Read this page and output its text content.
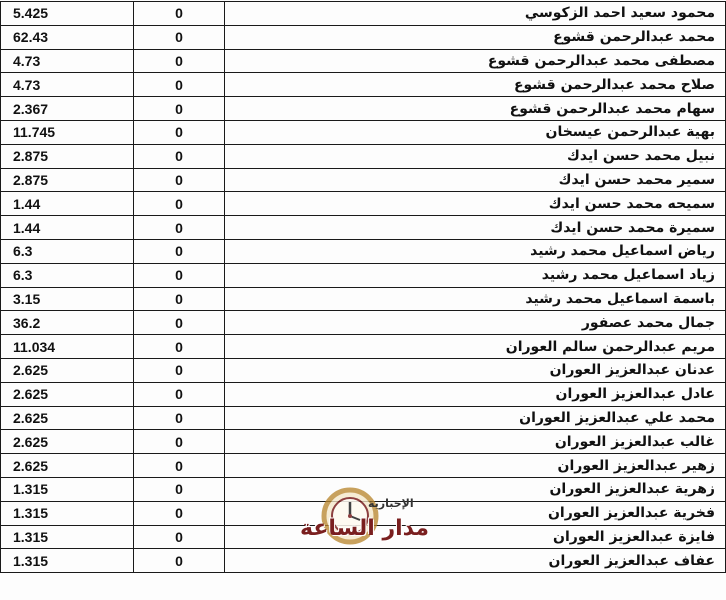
5.425	0	محمود سعيد احمد الزكوسي
62.43	0	محمد عبدالرحمن قشوع
4.73	0	مصطفى محمد عبدالرحمن قشوع
4.73	0	صلاح محمد عبدالرحمن قشوع
2.367	0	سهام محمد عبدالرحمن قشوع
11.745	0	بهية عبدالرحمن عيسخان
2.875	0	نبيل محمد حسن ايدك
2.875	0	سمير محمد حسن ايدك
1.44	0	سميحه محمد حسن ايدك
1.44	0	سميرة محمد حسن ايدك
6.3	0	رياض اسماعيل محمد رشيد
6.3	0	زياد اسماعيل محمد رشيد
3.15	0	باسمة اسماعيل محمد رشيد
36.2	0	جمال محمد عصفور
11.034	0	مريم عبدالرحمن سالم العوران
2.625	0	عدنان عبدالعزيز العوران
2.625	0	عادل عبدالعزيز العوران
2.625	0	محمد علي عبدالعزيز العوران
2.625	0	غالب عبدالعزيز العوران
2.625	0	زهير عبدالعزيز العوران
1.315	0	زهرية عبدالعزيز العوران
1.315	0	فخرية عبدالعزيز العوران
1.315	0	فايزة عبدالعزيز العوران
1.315	0	عفاف عبدالعزيز العوران
الإخبارية
مدار الساعة
